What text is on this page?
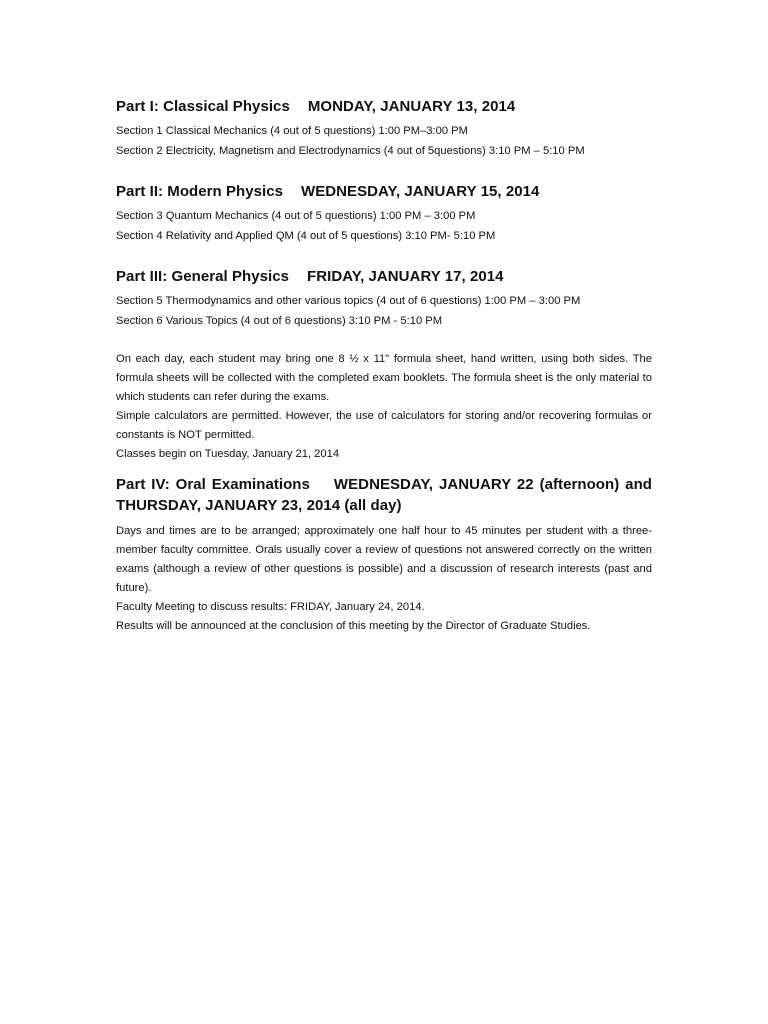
Part I: Classical Physics MONDAY, JANUARY 13, 2014

Section 1 Classical Mechanics (4 out of 5 questions) 1:00 PM–3:00 PM

Section 2 Electricity, Magnetism and Electrodynamics (4 out of 5questions) 3:10 PM – 5:10 PM

Part II: Modern Physics WEDNESDAY, JANUARY 15, 2014

Section 3 Quantum Mechanics (4 out of 5 questions) 1:00 PM – 3:00 PM

Section 4 Relativity and Applied QM (4 out of 5 questions) 3:10 PM- 5:10 PM

Part III: General Physics FRIDAY, JANUARY 17, 2014

Section 5 Thermodynamics and other various topics (4 out of 6 questions) 1:00 PM – 3:00 PM

Section 6 Various Topics (4 out of 6 questions) 3:10 PM - 5:10 PM

On each day, each student may bring one 8 ½ x 11" formula sheet, hand written, using both sides. The formula sheets will be collected with the completed exam booklets. The formula sheet is the only material to which students can refer during the exams.

Simple calculators are permitted. However, the use of calculators for storing and/or recovering formulas or constants is NOT permitted.

Classes begin on Tuesday, January 21, 2014

Part IV: Oral Examinations WEDNESDAY, JANUARY 22 (afternoon) and THURSDAY, JANUARY 23, 2014 (all day)

Days and times are to be arranged; approximately one half hour to 45 minutes per student with a three-member faculty committee. Orals usually cover a review of questions not answered correctly on the written exams (although a review of other questions is possible) and a discussion of research interests (past and future).

Faculty Meeting to discuss results: FRIDAY, January 24, 2014.

Results will be announced at the conclusion of this meeting by the Director of Graduate Studies.
